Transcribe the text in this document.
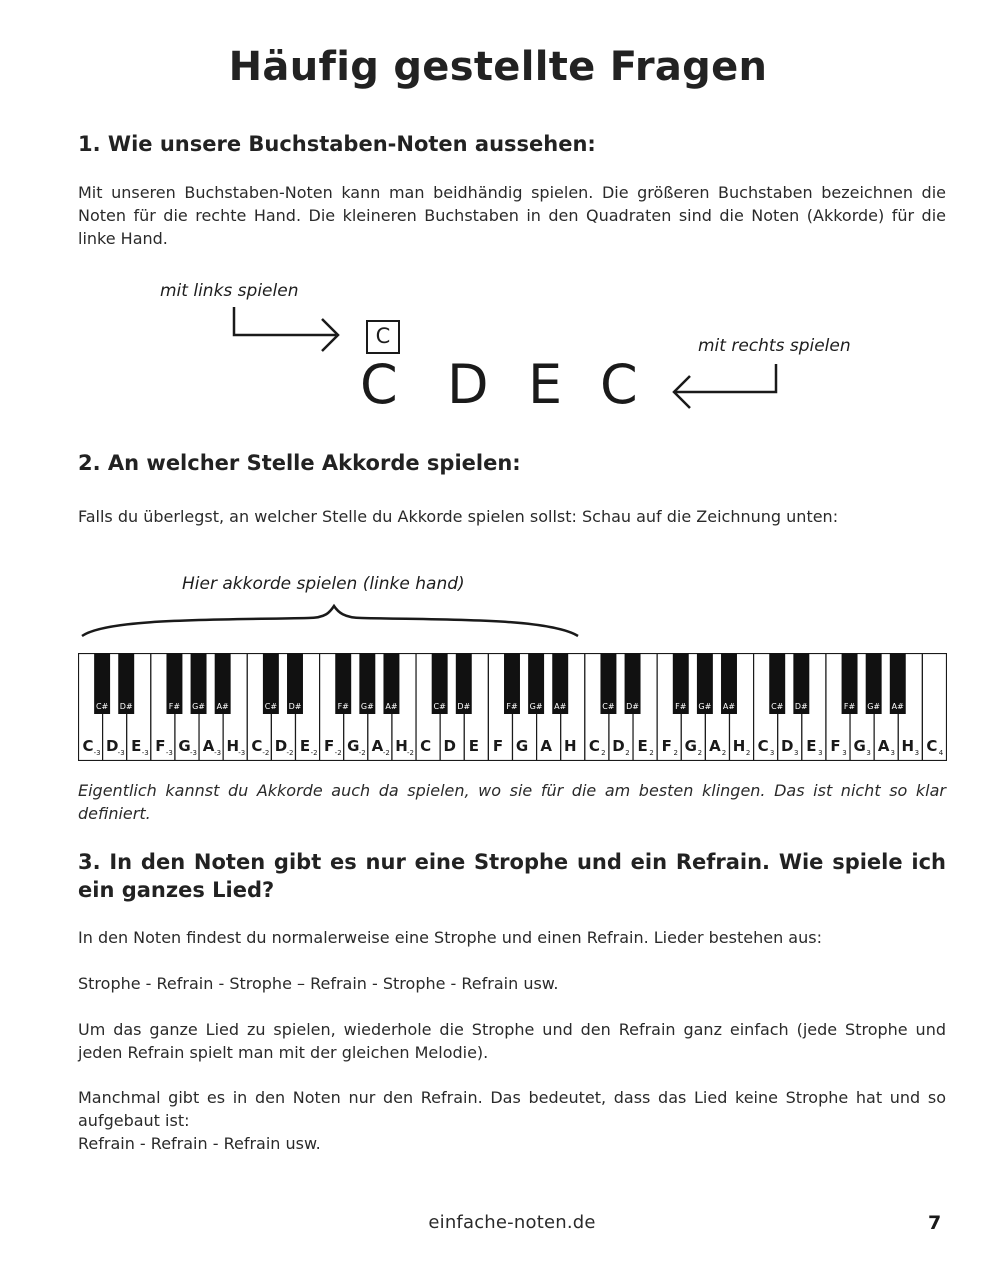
Häufig gestellte Fragen
1. Wie unsere Buchstaben-Noten aussehen:
Mit unseren Buchstaben-Noten kann man beidhändig spielen. Die größeren Buchstaben bezeichnen die Noten für die rechte Hand. Die kleineren Buchstaben in den Quadraten sind die Noten (Akkorde) für die linke Hand.
mit links spielen
C
C D E C
mit rechts spielen
2. An welcher Stelle Akkorde spielen:
Falls du überlegst, an welcher Stelle du Akkorde spielen sollst: Schau auf die Zeichnung unten:
Hier akkorde spielen (linke hand)
C -3 D -3 E -3 F -3 G -3 A -3 H -3 C -2 D -2 E -2 F -2 G -2 A -2 H -2 C D E F G A H C 2 D 2 E 2 F 2 G 2 A 2 H 2 C 3 D 3 E 3 F 3 G 3 A 3 H 3 C 4
C# D#	F# G# A#	C# D#	F# G# A#	C# D#	F# G# A#	C# D#	F# G# A#	C# D#	F# G# A#
Eigentlich kannst du Akkorde auch da spielen, wo sie für die am besten klingen. Das ist nicht so klar definiert.
3. In den Noten gibt es nur eine Strophe und ein Refrain. Wie spiele ich ein ganzes Lied?
In den Noten findest du normalerweise eine Strophe und einen Refrain. Lieder bestehen aus:
Strophe - Refrain - Strophe – Refrain - Strophe - Refrain usw.
Um das ganze Lied zu spielen, wiederhole die Strophe und den Refrain ganz einfach (jede Strophe und jeden Refrain spielt man mit der gleichen Melodie).
Manchmal gibt es in den Noten nur den Refrain. Das bedeutet, dass das Lied keine Strophe hat und so aufgebaut ist:
Refrain - Refrain - Refrain usw.
einfache-noten.de	7
